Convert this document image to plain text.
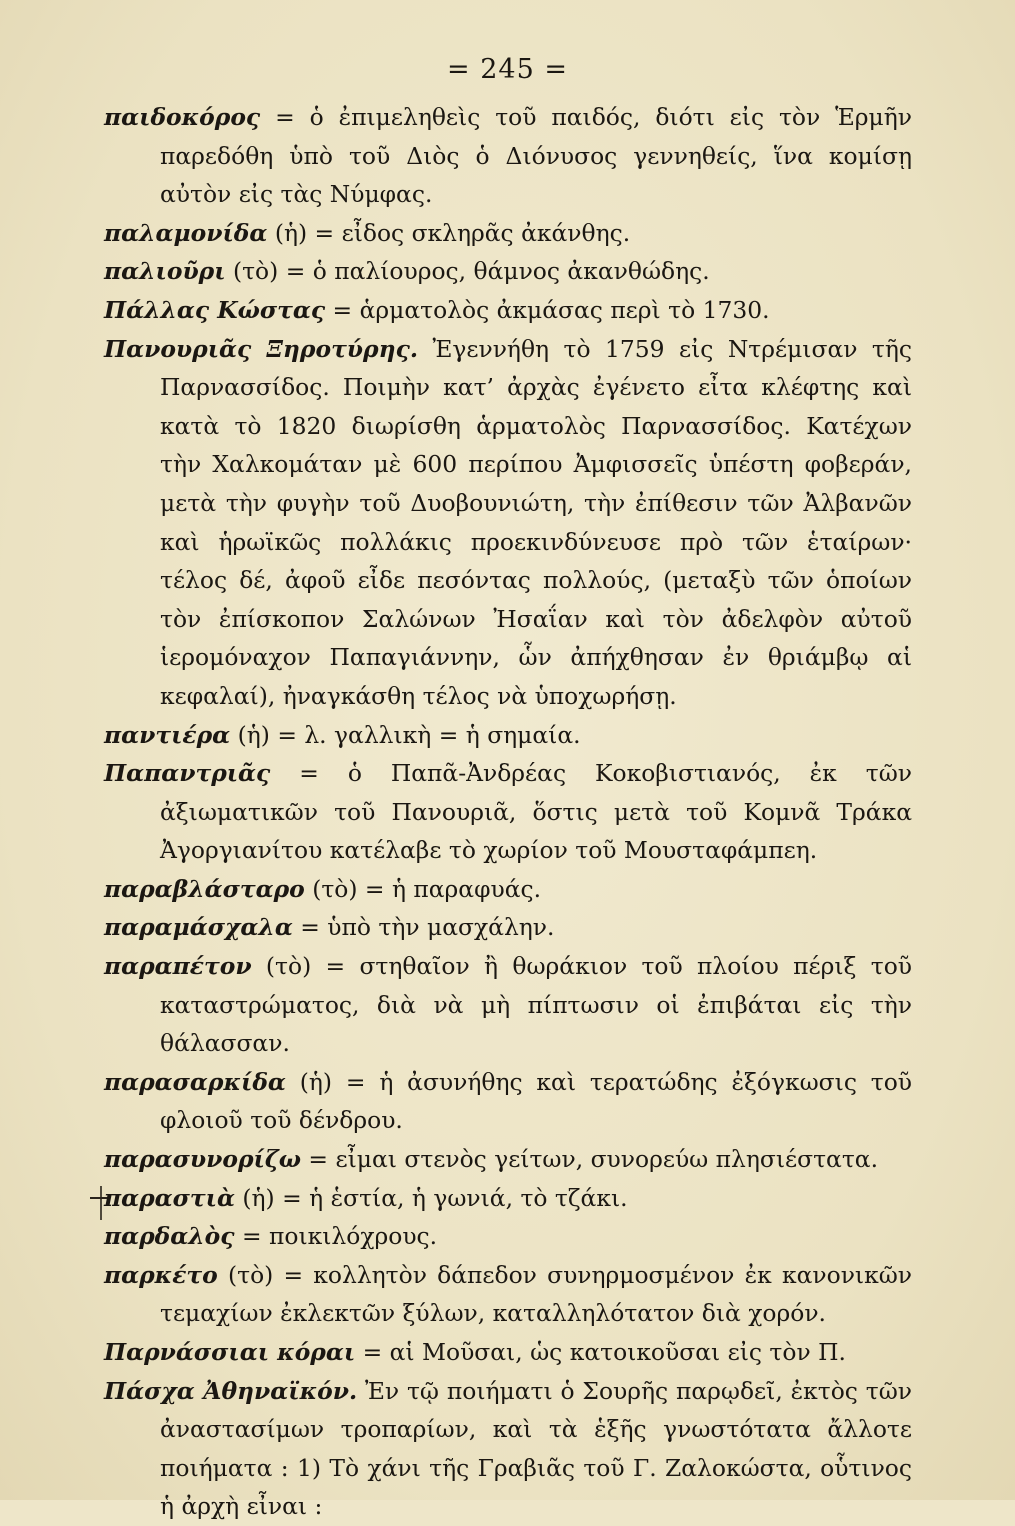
= 245 =

παιδοκόρος = ὁ ἐπιμεληθεὶς τοῦ παιδός, διότι εἰς τὸν Ἑρμῆν παρεδόθη ὑπὸ τοῦ Διὸς ὁ Διόνυσος γεννηθείς, ἵνα κομίσῃ αὐτὸν εἰς τὰς Νύμφας.

παλαμονίδα (ἡ) = εἶδος σκληρᾶς ἀκάνθης.

παλιοῦρι (τὸ) = ὁ παλίουρος, θάμνος ἀκανθώδης.

Πάλλας Κώστας = ἁρματολὸς ἀκμάσας περὶ τὸ 1730.

Πανουριᾶς Ξηροτύρης. Ἐγεννήθη τὸ 1759 εἰς Ντρέμισαν τῆς Παρνασσίδος. Ποιμὴν κατ’ ἀρχὰς ἐγένετο εἶτα κλέφτης καὶ κατὰ τὸ 1820 διωρίσθη ἁρματολὸς Παρνασσίδος. Κατέχων τὴν Χαλκομάταν μὲ 600 περίπου Ἀμφισσεῖς ὑπέστη φοβεράν, μετὰ τὴν φυγὴν τοῦ Δυοβουνιώτη, τὴν ἐπίθεσιν τῶν Ἀλβανῶν καὶ ἡρωϊκῶς πολλάκις προεκινδύνευσε πρὸ τῶν ἑταίρων· τέλος δέ, ἀφοῦ εἶδε πεσόντας πολλούς, (μεταξὺ τῶν ὁποίων τὸν ἐπίσκοπον Σαλώνων Ἠσαΐαν καὶ τὸν ἀδελφὸν αὐτοῦ ἱερομόναχον Παπαγιάννην, ὧν ἀπήχθησαν ἐν θριάμβῳ αἱ κεφαλαί), ἠναγκάσθη τέλος νὰ ὑποχωρήσῃ.

παντιέρα (ἡ) = λ. γαλλικὴ = ἡ σημαία.

Παπαντριᾶς = ὁ Παπᾶ-Ἀνδρέας Κοκοβιστιανός, ἐκ τῶν ἀξιωματικῶν τοῦ Πανουριᾶ, ὅστις μετὰ τοῦ Κομνᾶ Τράκα Ἀγοργιανίτου κατέλαβε τὸ χωρίον τοῦ Μουσταφάμπεη.

παραβλάσταρο (τὸ) = ἡ παραφυάς.

παραμάσχαλα = ὑπὸ τὴν μασχάλην.

παραπέτον (τὸ) = στηθαῖον ἢ θωράκιον τοῦ πλοίου πέριξ τοῦ καταστρώματος, διὰ νὰ μὴ πίπτωσιν οἱ ἐπιβάται εἰς τὴν θάλασσαν.

παρασαρκίδα (ἡ) = ἡ ἀσυνήθης καὶ τερατώδης ἐξόγκωσις τοῦ φλοιοῦ τοῦ δένδρου.

παρασυνορίζω = εἶμαι στενὸς γείτων, συνορεύω πλησιέστατα.

παραστιὰ (ἡ) = ἡ ἑστία, ἡ γωνιά, τὸ τζάκι.

παρδαλὸς = ποικιλόχρους.

παρκέτο (τὸ) = κολλητὸν δάπεδον συνηρμοσμένον ἐκ κανονικῶν τεμαχίων ἐκλεκτῶν ξύλων, καταλληλότατον διὰ χορόν.

Παρνάσσιαι κόραι = αἱ Μοῦσαι, ὡς κατοικοῦσαι εἰς τὸν Π.

Πάσχα Ἀθηναϊκόν. Ἐν τῷ ποιήματι ὁ Σουρῆς παρῳδεῖ, ἐκτὸς τῶν ἀναστασίμων τροπαρίων, καὶ τὰ ἑξῆς γνωστότατα ἄλλοτε ποιήματα : 1) Τὸ χάνι τῆς Γραβιᾶς τοῦ Γ. Ζαλοκώστα, οὗτινος ἡ ἀρχὴ εἶναι :
